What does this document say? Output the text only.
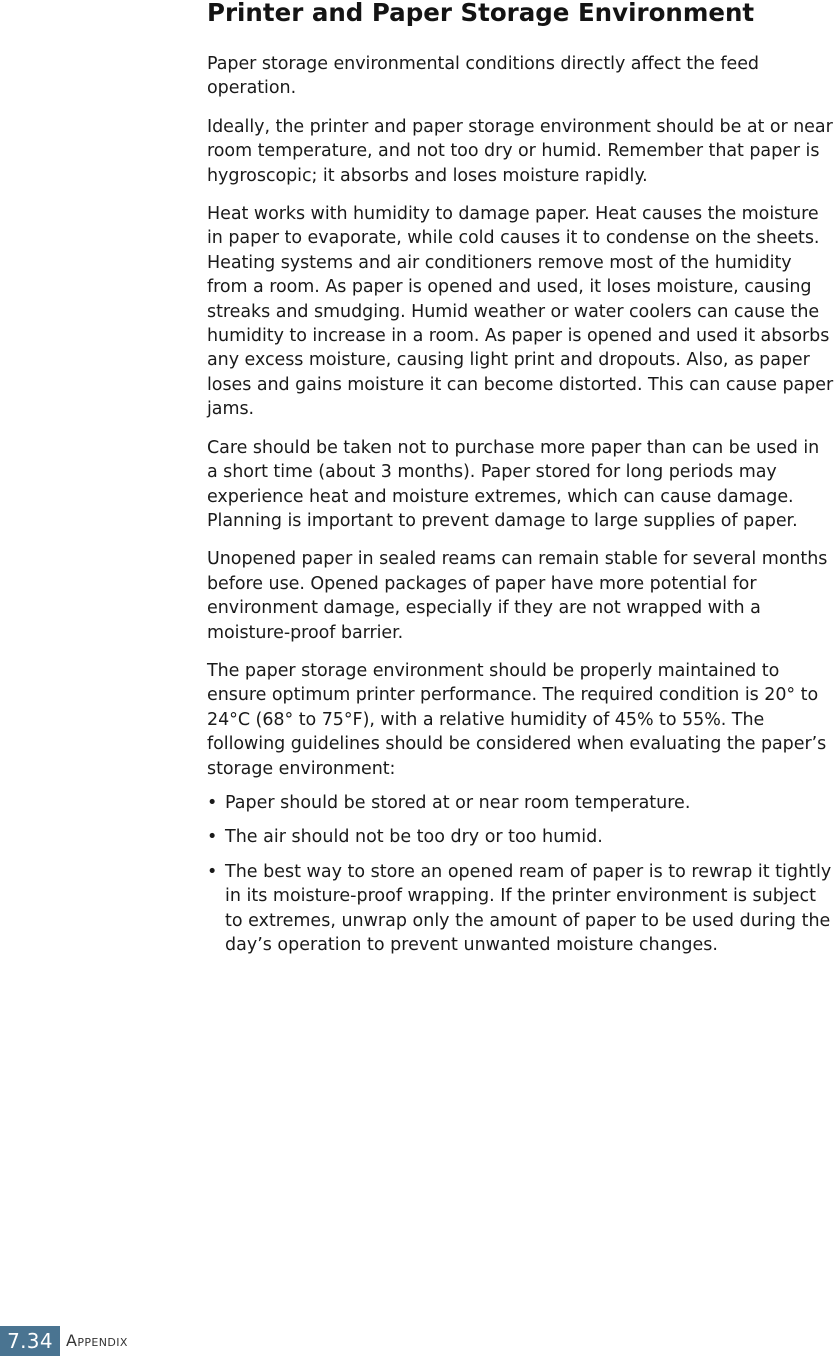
Printer and Paper Storage Environment

Paper storage environmental conditions directly affect the feed operation.

Ideally, the printer and paper storage environment should be at or near room temperature, and not too dry or humid. Remember that paper is hygroscopic; it absorbs and loses moisture rapidly.

Heat works with humidity to damage paper. Heat causes the moisture in paper to evaporate, while cold causes it to condense on the sheets. Heating systems and air conditioners remove most of the humidity from a room. As paper is opened and used, it loses moisture, causing streaks and smudging. Humid weather or water coolers can cause the humidity to increase in a room. As paper is opened and used it absorbs any excess moisture, causing light print and dropouts. Also, as paper loses and gains moisture it can become distorted. This can cause paper jams.

Care should be taken not to purchase more paper than can be used in a short time (about 3 months). Paper stored for long periods may experience heat and moisture extremes, which can cause damage. Planning is important to prevent damage to large supplies of paper.

Unopened paper in sealed reams can remain stable for several months before use. Opened packages of paper have more potential for environment damage, especially if they are not wrapped with a moisture-proof barrier.

The paper storage environment should be properly maintained to ensure optimum printer performance. The required condition is 20° to 24°C (68° to 75°F), with a relative humidity of 45% to 55%. The following guidelines should be considered when evaluating the paper’s storage environment:

• Paper should be stored at or near room temperature.
• The air should not be too dry or too humid.
• The best way to store an opened ream of paper is to rewrap it tightly in its moisture-proof wrapping. If the printer environment is subject to extremes, unwrap only the amount of paper to be used during the day’s operation to prevent unwanted moisture changes.
7.34 Appendix
